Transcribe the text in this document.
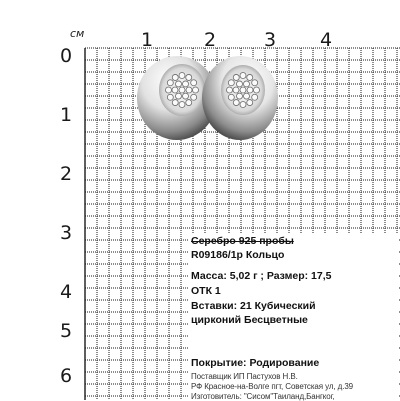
см	1	2	3 4
0
1
2
3
4
5
6
Серебро 925 пробы
R09186/1р Кольцо
Масса: 5,02 г ; Размер: 17,5
ОТК 1
Вставки: 21 Кубический
цирконий Бесцветные
Покрытие: Родирование
Поставщик ИП Пастухов Н.В.
РФ Красное-на-Волге пгт, Советская ул, д.39
Изготовитель: "Сисом"Таиланд,Бангког,
